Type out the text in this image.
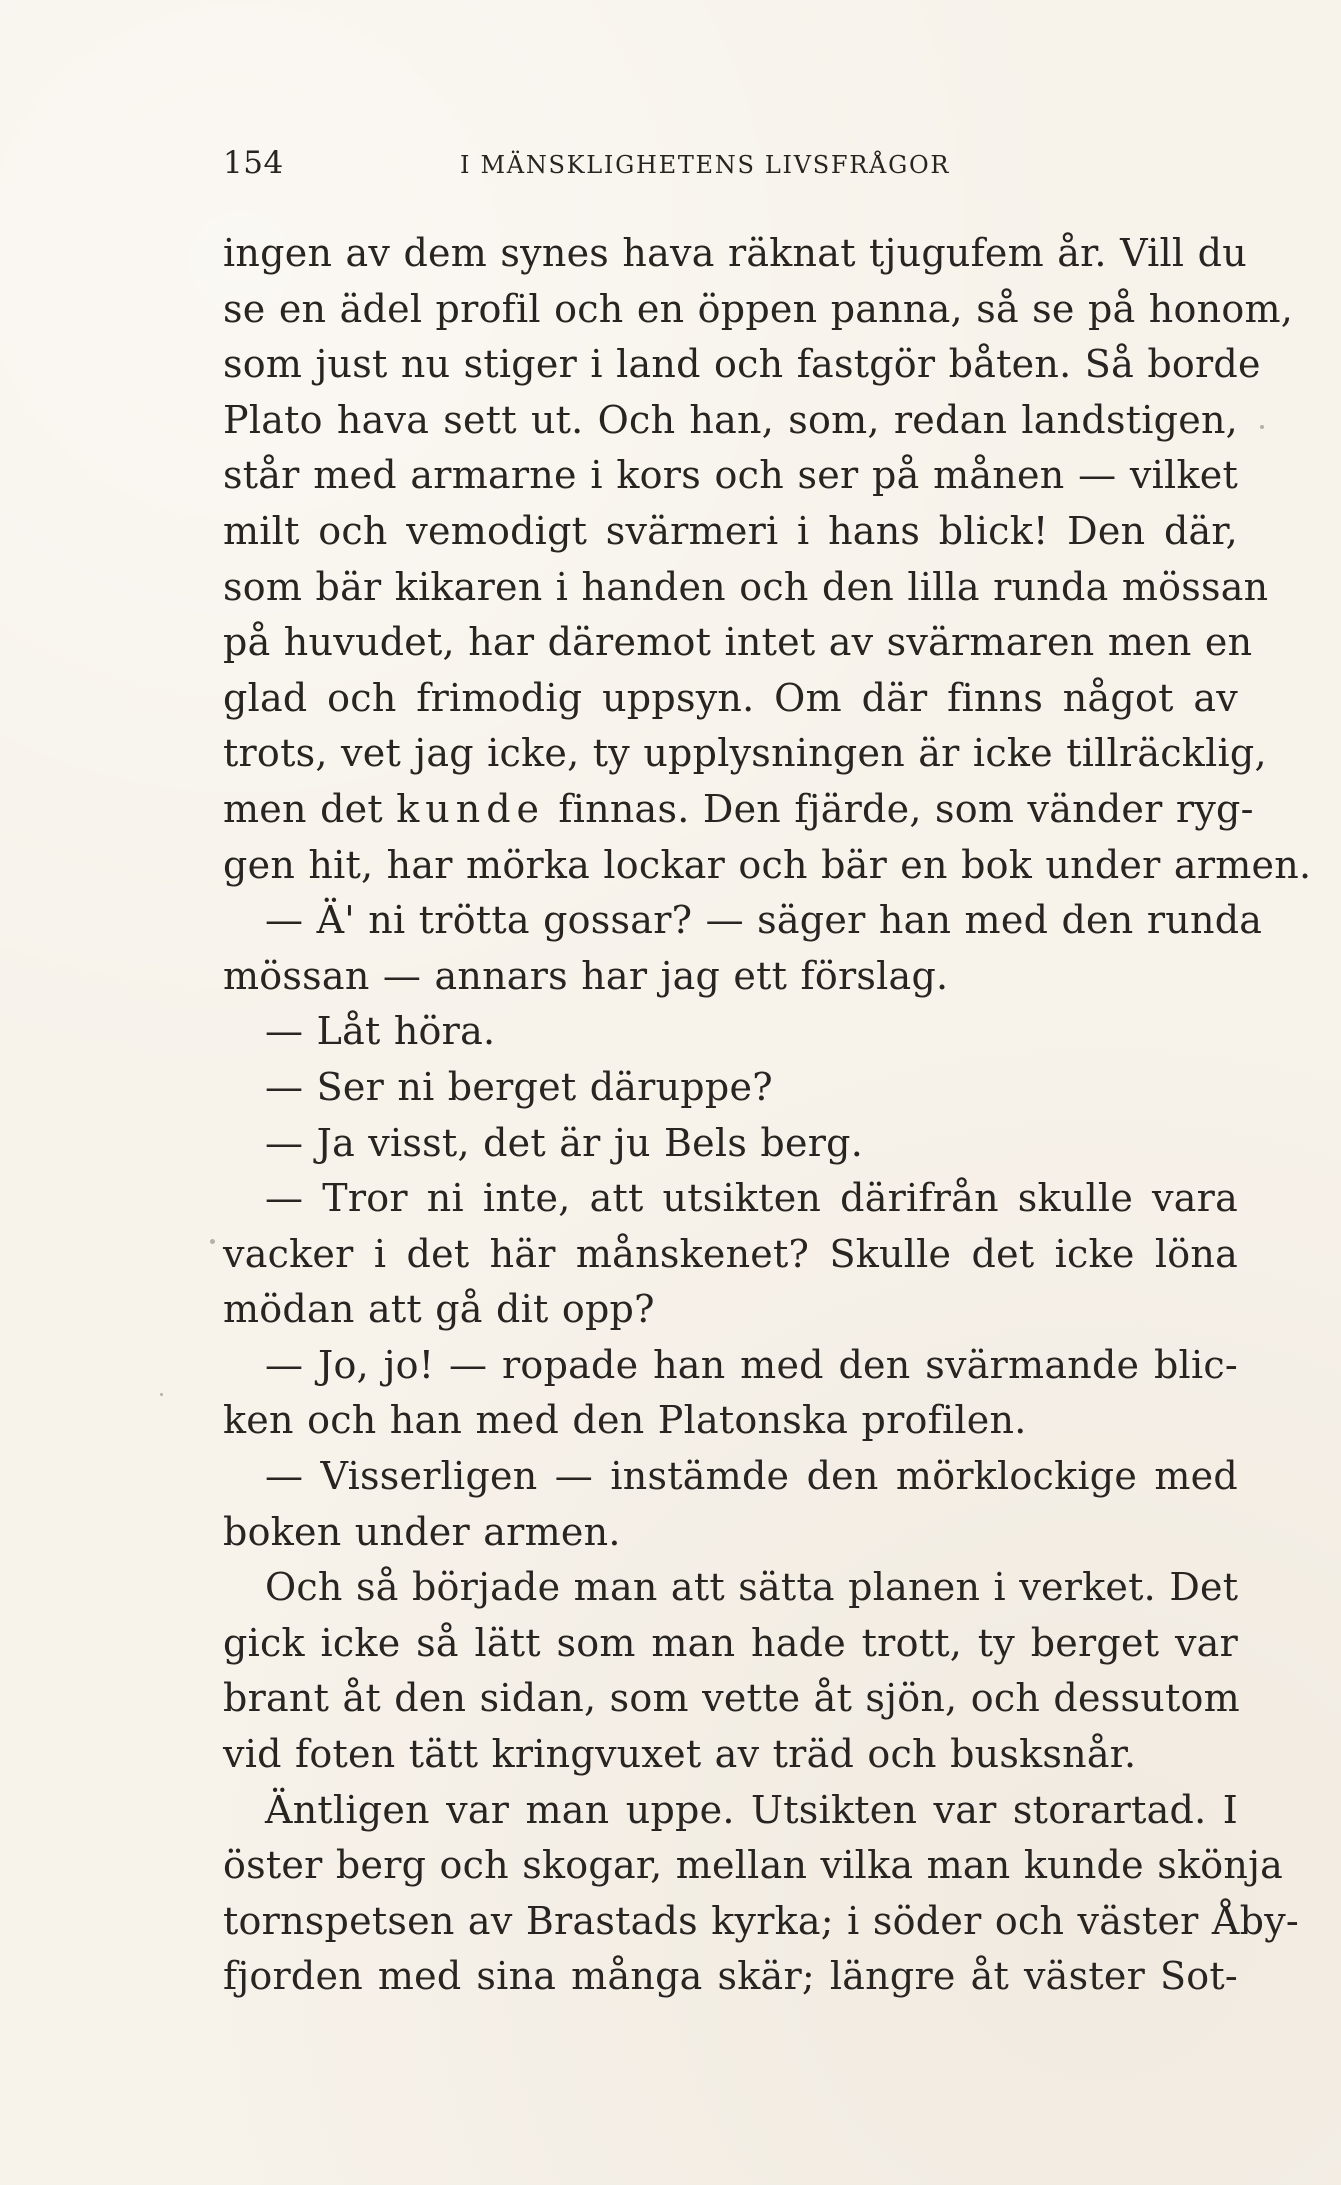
154	I MÄNSKLIGHETENS LIVSFRÅGOR
ingen av dem synes hava räknat tjugufem år. Vill du
se en ädel profil och en öppen panna, så se på honom,
som just nu stiger i land och fastgör båten. Så borde
Plato hava sett ut. Och han, som, redan landstigen,
står med armarne i kors och ser på månen — vilket
milt och vemodigt svärmeri i hans blick! Den där,
som bär kikaren i handen och den lilla runda mössan
på huvudet, har däremot intet av svärmaren men en
glad och frimodig uppsyn. Om där finns något av
trots, vet jag icke, ty upplysningen är icke tillräcklig,
men det kunde finnas. Den fjärde, som vänder ryg-
gen hit, har mörka lockar och bär en bok under armen.
— Ä' ni trötta gossar? — säger han med den runda
mössan — annars har jag ett förslag.
— Låt höra.
— Ser ni berget däruppe?
— Ja visst, det är ju Bels berg.
— Tror ni inte, att utsikten därifrån skulle vara
vacker i det här månskenet? Skulle det icke löna
mödan att gå dit opp?
— Jo, jo! — ropade han med den svärmande blic-
ken och han med den Platonska profilen.
— Visserligen — instämde den mörklockige med
boken under armen.
Och så började man att sätta planen i verket. Det
gick icke så lätt som man hade trott, ty berget var
brant åt den sidan, som vette åt sjön, och dessutom
vid foten tätt kringvuxet av träd och busksnår.
Äntligen var man uppe. Utsikten var storartad. I
öster berg och skogar, mellan vilka man kunde skönja
tornspetsen av Brastads kyrka; i söder och väster Åby-
fjorden med sina många skär; längre åt väster Sot-
